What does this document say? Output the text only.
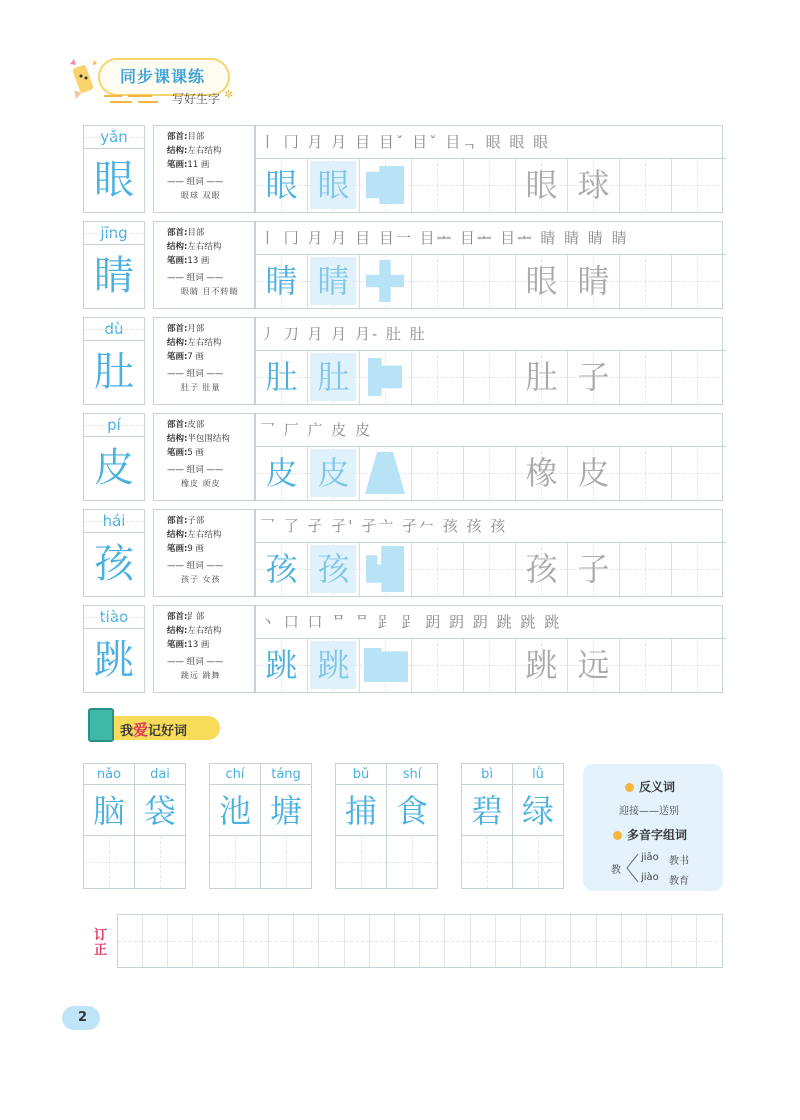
同步课课练
写好生字 ✲
yǎn
眼
部首:目部
结构:左右结构
笔画:11 画
—— 组词 ——
眼球 双眼
丨 冂 月 月 目 目ˇ 目ˇ 目ᆨ 眼 眼 眼
眼 眼	眼 球
jīng
睛
部首:目部
结构:左右结构
笔画:13 画
—— 组词 ——
眼睛 目不转睛
丨 冂 月 月 目 目一 目ᆂ 目ᆂ 目ᆂ 睛 睛 睛 睛
睛 睛	眼 睛
dù
肚
部首:月部
结构:左右结构
笔画:7 画
—— 组词 ——
肚子 肚量
丿 刀 月 月 月- 肚 肚
肚 肚	肚 子
pí
皮
部首:皮部
结构:半包围结构
笔画:5 画
—— 组词 ——
橡皮 顽皮
乛 厂 广 皮 皮
皮 皮	橡 皮
hái
孩
部首:子部
结构:左右结构
笔画:9 画
—— 组词 ——
孩子 女孩
乛 了 孑 孑' 孑亠 孑𠂉 孩 孩 孩
孩 孩	孩 子
tiào
跳
部首:𧾷部
结构:左右结构
笔画:13 画
—— 组词 ——
跳远 跳舞
丶 口 口 ᄆ ᄆ 𧾷 𧾷 跀 跀 跀 跳 跳 跳
跳 跳	跳 远
我爱记好词
nǎo	dai
脑 袋
chí	táng
池 塘
bǔ	shí
捕 食
bì	lǜ
碧 绿
反义词
迎接——送别
多音字组词
教
jiāo 教书
jiào 教育
订正
2
